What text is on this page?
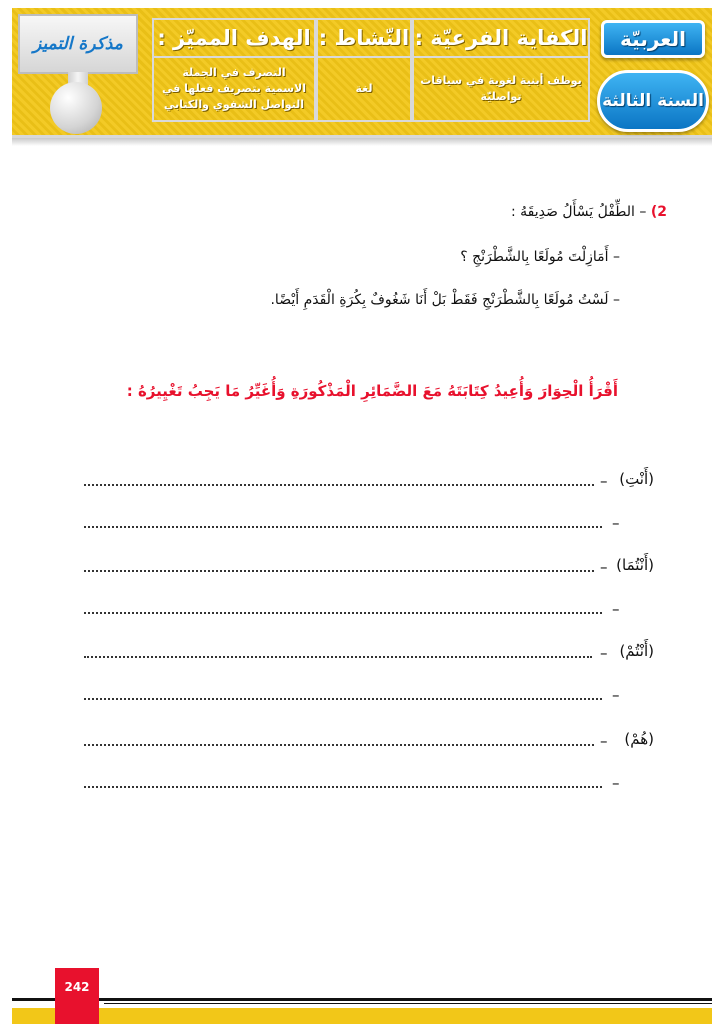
مذكرة التميز الهدف المميّز :
التصرف في الجملة الاسمية بتصريف فعلها في التواصل الشفوي والكتابي
النّشاط :
لغة
الكفاية الفرعيّة :
يوظف أبنية لغوية في سياقات تواصليّة
العربيّة
السنة الثالثة
2) – الطِّفْلُ يَسْأَلُ صَدِيقَهُ :
– أَمَازِلْتَ مُولَعًا بِالشَّطْرَنْجِ ؟
– لَسْتُ مُولَعًا بِالشَّطْرَنْجِ فَقَطْ بَلْ أَنَا شَغُوفٌ بِكُرَةِ الْقَدَمِ أَيْضًا.
أَقْرَأُ الْحِوَارَ وَأُعِيدُ كِتَابَتَهُ مَعَ الضَّمَائِرِ الْمَذْكُورَةِ وَأُغَيِّرُ مَا يَجِبُ تَغْيِيرُهُ :
– (أَنْتِ)
–
– (أَنْتُمَا)
–
– (أَنْتُمْ)
–
– (هُمْ)
–
242
